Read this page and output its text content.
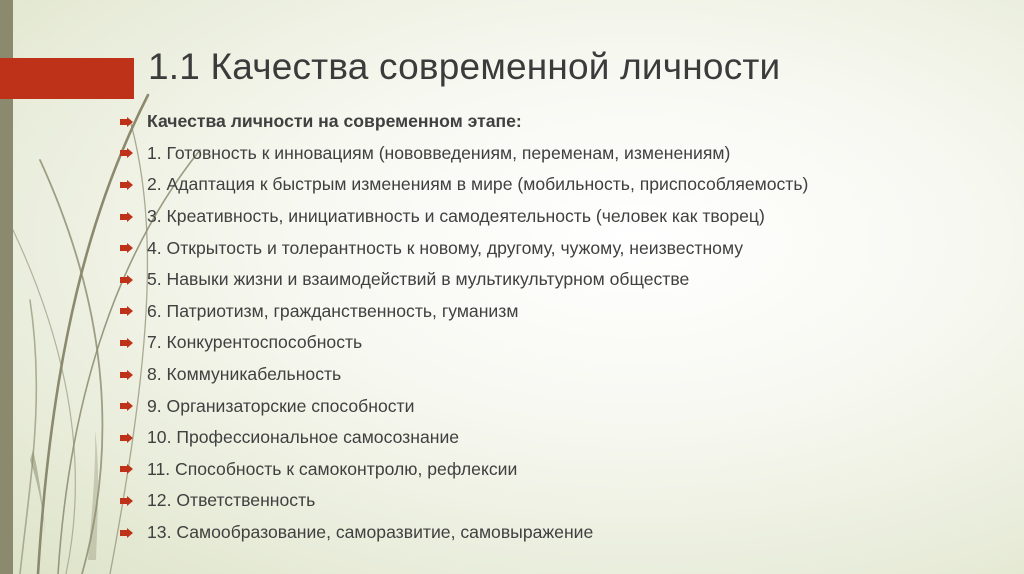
1.1 Качества современной личности
Качества личности на современном этапе:
1. Готовность к инновациям (нововведениям, переменам, изменениям)
2. Адаптация к быстрым изменениям в мире (мобильность, приспособляемость)
3. Креативность, инициативность и самодеятельность (человек как творец)
4. Открытость и толерантность к новому, другому, чужому, неизвестному
5. Навыки жизни и взаимодействий в мультикультурном обществе
6. Патриотизм, гражданственность, гуманизм
7. Конкурентоспособность
8. Коммуникабельность
9. Организаторские способности
10. Профессиональное самосознание
11. Способность к самоконтролю, рефлексии
12. Ответственность
13. Самообразование, саморазвитие, самовыражение
